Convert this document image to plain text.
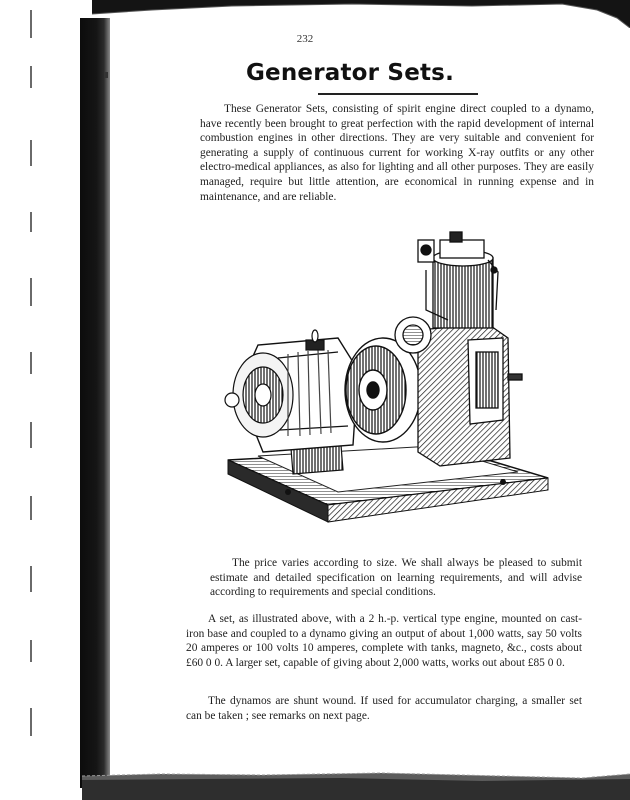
232
Generator Sets.

These Generator Sets, consisting of spirit engine direct coupled to a dynamo, have recently been brought to great perfection with the rapid development of internal combustion engines in other directions. They are very suitable and convenient for generating a supply of continuous current for working X-ray outfits or any other electro-medical appliances, as also for lighting and all other purposes. They are easily managed, require but little attention, are economical in running expense and in maintenance, and are reliable.

The price varies according to size. We shall always be pleased to submit estimate and detailed specification on learning requirements, and will advise according to requirements and special conditions.

A set, as illustrated above, with a 2 h.-p. vertical type engine, mounted on cast-iron base and coupled to a dynamo giving an output of about 1,000 watts, say 50 volts 20 amperes or 100 volts 10 amperes, complete with tanks, magneto, &c., costs about £60 0 0. A larger set, capable of giving about 2,000 watts, works out about £85 0 0.

The dynamos are shunt wound. If used for accumulator charging, a smaller set can be taken ; see remarks on next page.
